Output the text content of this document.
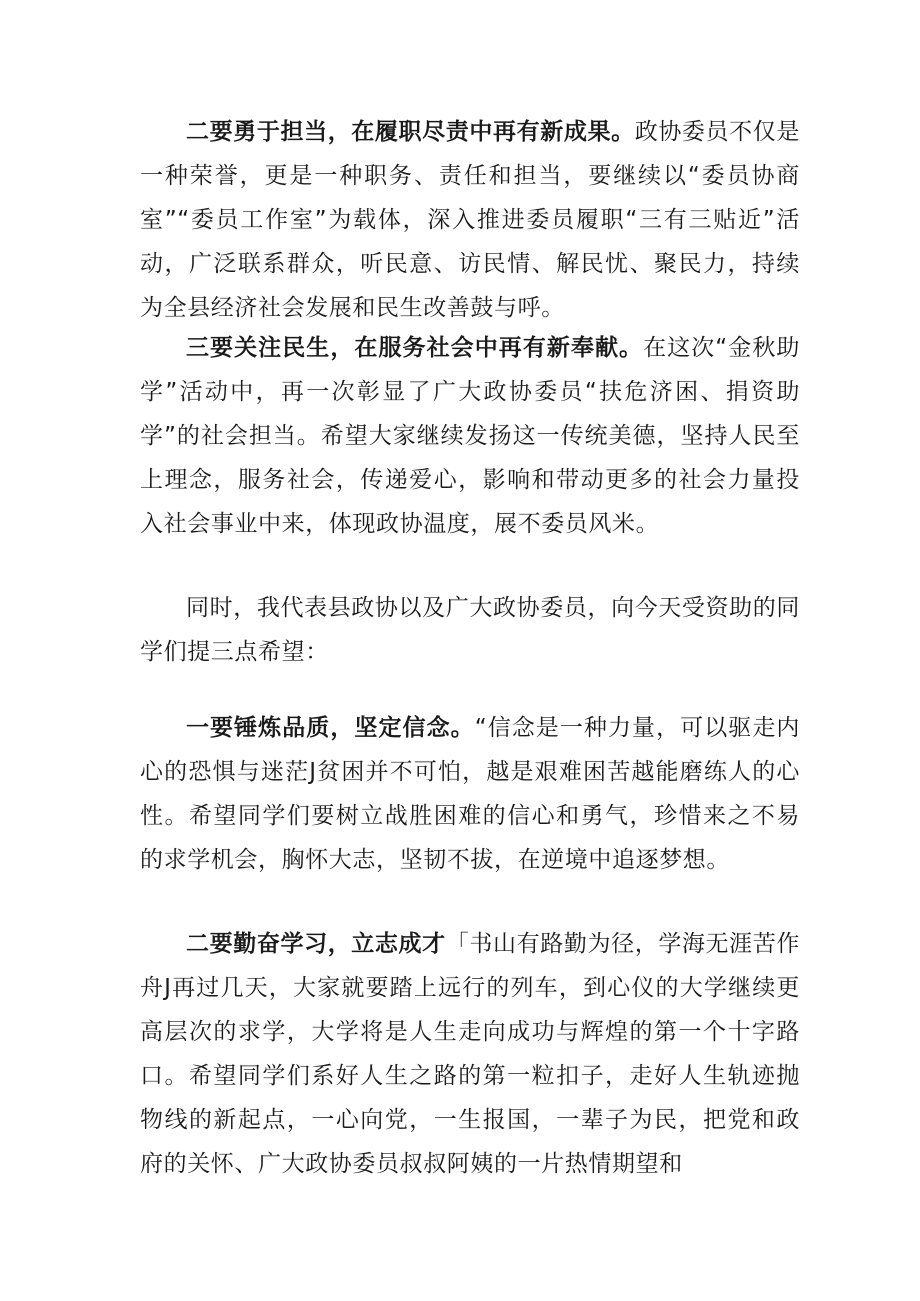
二要勇于担当，在履职尽责中再有新成果。政协委员不仅是一种荣誉，更是一种职务、责任和担当，要继续以“委员协商室”“委员工作室”为载体，深入推进委员履职“三有三贴近”活动，广泛联系群众，听民意、访民情、解民忧、聚民力，持续为全县经济社会发展和民生改善鼓与呼。

三要关注民生，在服务社会中再有新奉献。在这次“金秋助学”活动中，再一次彰显了广大政协委员“扶危济困、捐资助学”的社会担当。希望大家继续发扬这一传统美德，坚持人民至上理念，服务社会，传递爱心，影响和带动更多的社会力量投入社会事业中来，体现政协温度，展不委员风米。

同时，我代表县政协以及广大政协委员，向今天受资助的同学们提三点希望：

一要锤炼品质，坚定信念。“信念是一种力量，可以驱走内心的恐惧与迷茫J贫困并不可怕，越是艰难困苦越能磨练人的心性。希望同学们要树立战胜困难的信心和勇气，珍惜来之不易的求学机会，胸怀大志，坚韧不拔，在逆境中追逐梦想。

二要勤奋学习，立志成才「书山有路勤为径，学海无涯苦作舟J再过几天，大家就要踏上远行的列车，到心仪的大学继续更高层次的求学，大学将是人生走向成功与辉煌的第一个十字路口。希望同学们系好人生之路的第一粒扣子，走好人生轨迹抛物线的新起点，一心向党，一生报国，一辈子为民，把党和政府的关怀、广大政协委员叔叔阿姨的一片热情期望和
